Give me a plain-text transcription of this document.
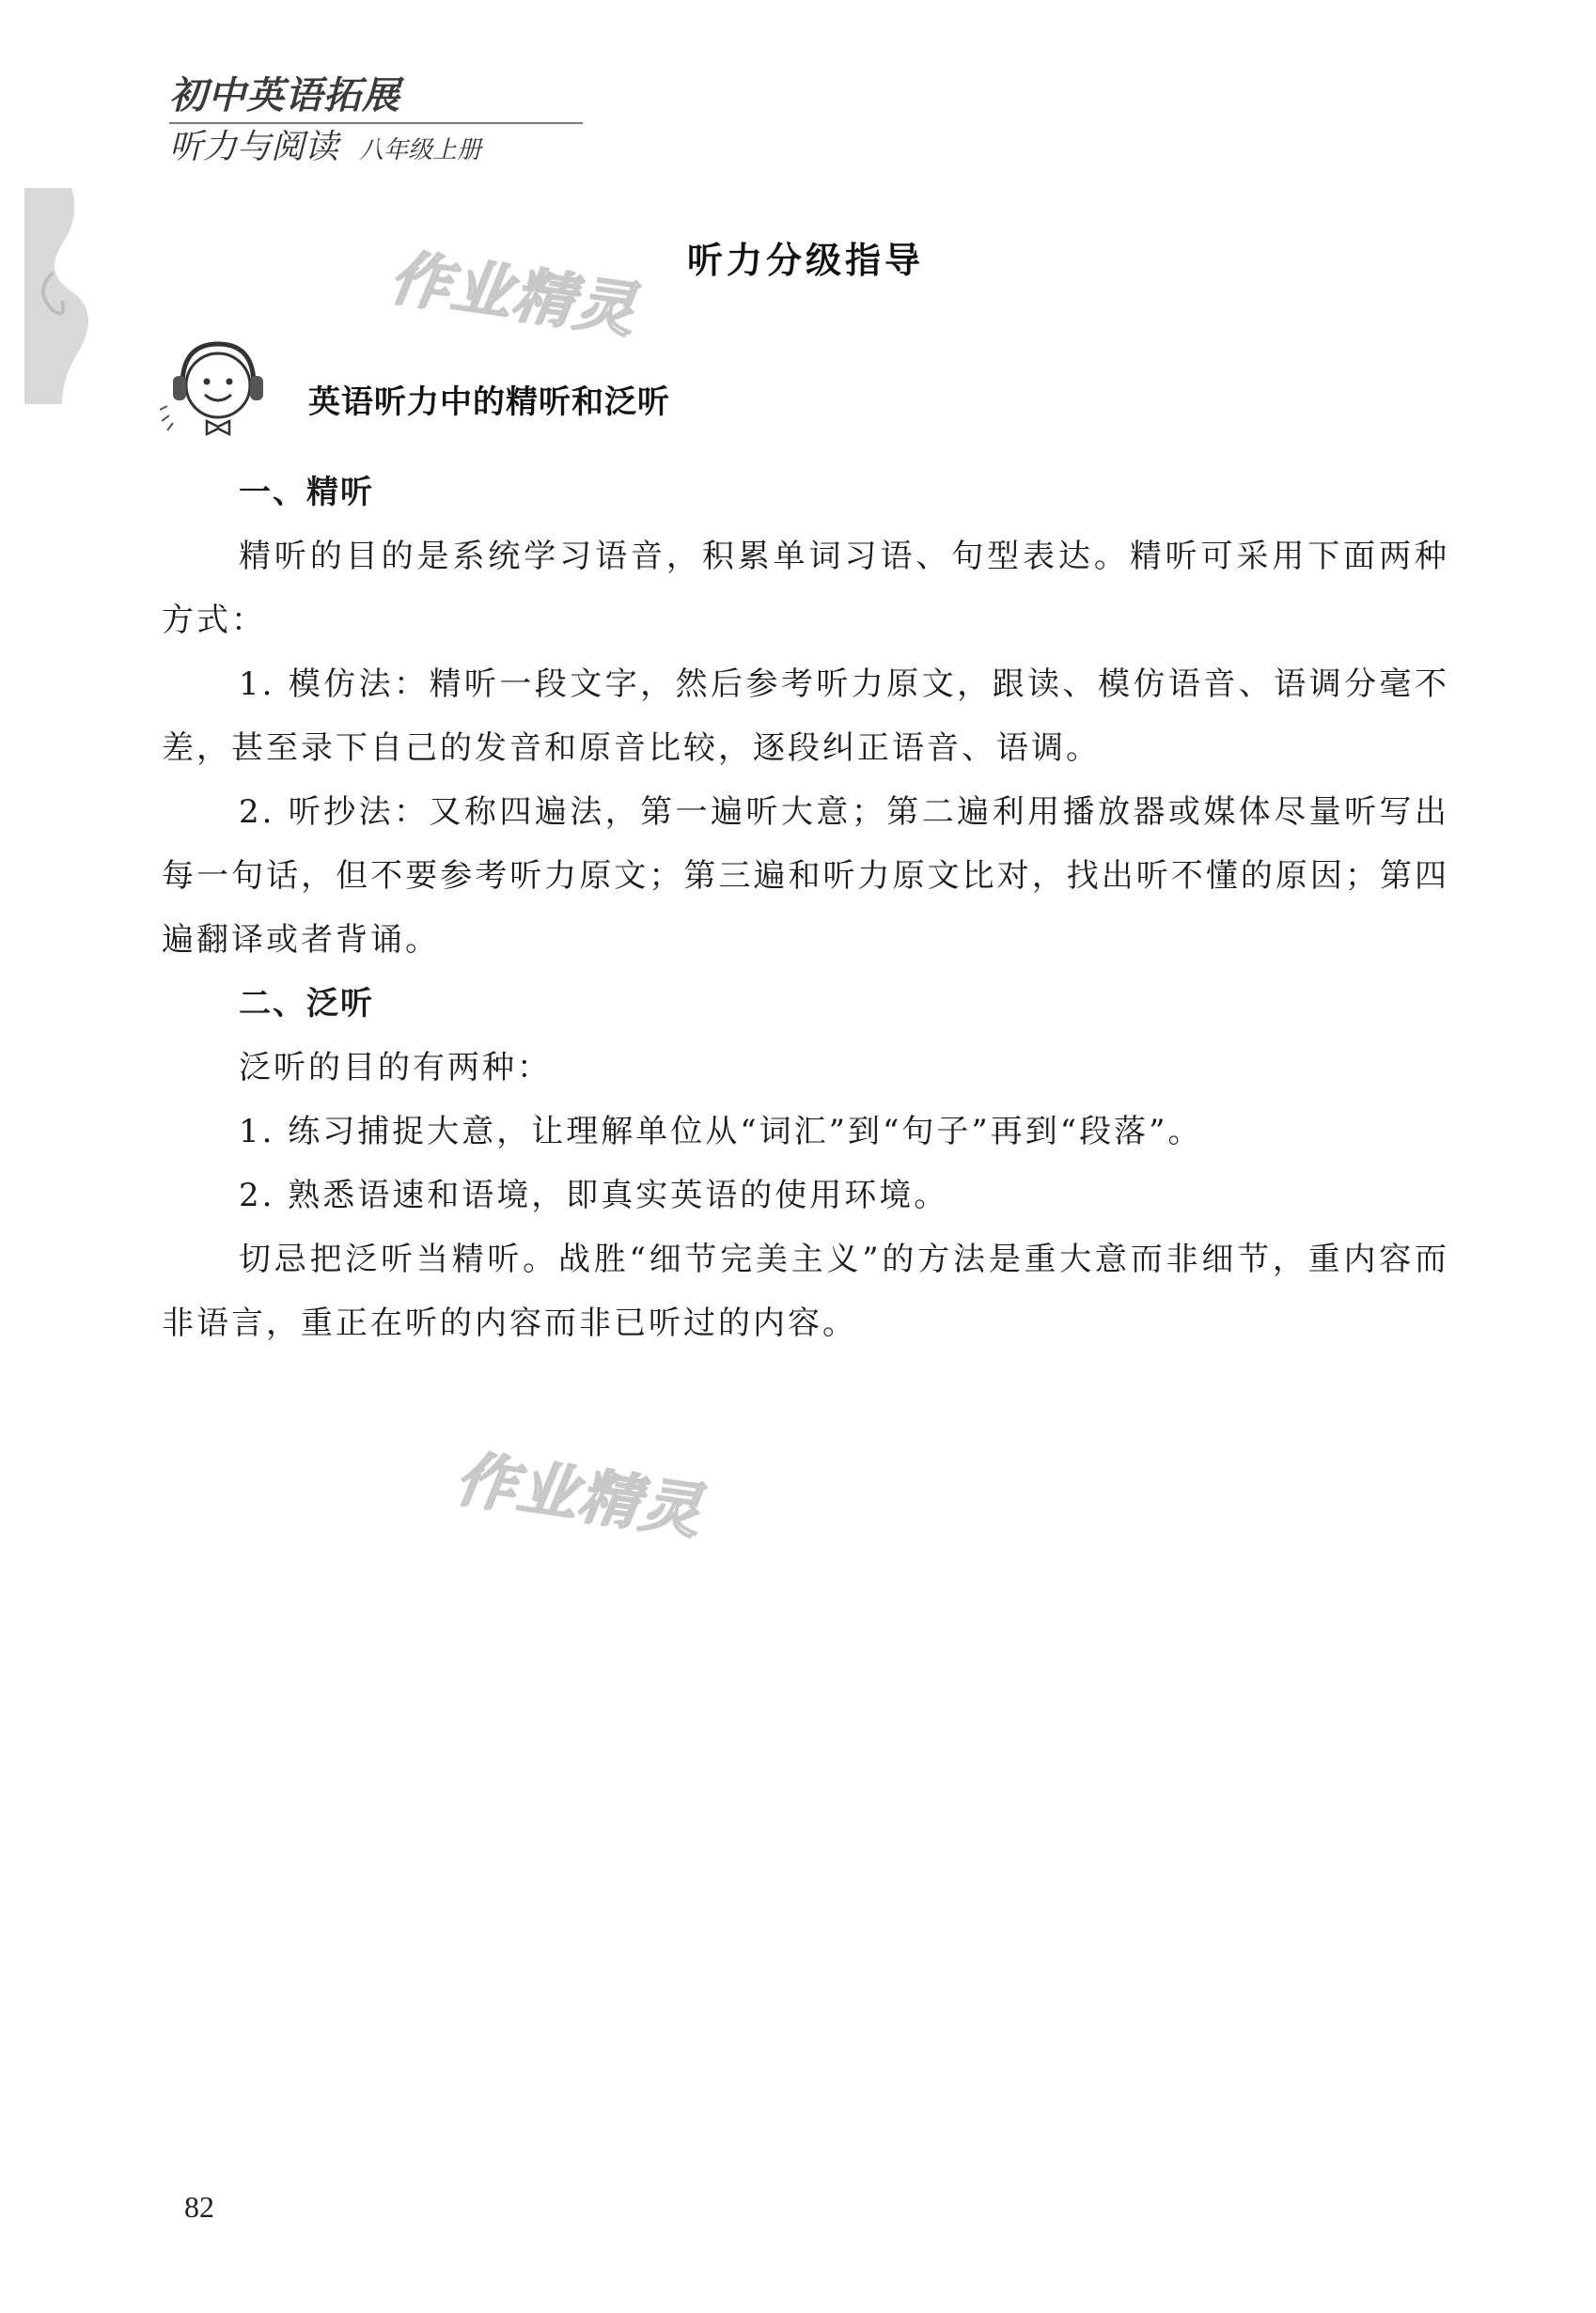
初中英语拓展
听力与阅读 八年级上册
作业精灵
作业精灵
听力分级指导
英语听力中的精听和泛听

一、精听

精听的目的是系统学习语音，积累单词习语、句型表达。精听可采用下面两种方式：

1. 模仿法：精听一段文字，然后参考听力原文，跟读、模仿语音、语调分毫不差，甚至录下自己的发音和原音比较，逐段纠正语音、语调。

2. 听抄法：又称四遍法，第一遍听大意；第二遍利用播放器或媒体尽量听写出每一句话，但不要参考听力原文；第三遍和听力原文比对，找出听不懂的原因；第四遍翻译或者背诵。

二、泛听

泛听的目的有两种：

1. 练习捕捉大意，让理解单位从“词汇”到“句子”再到“段落”。

2. 熟悉语速和语境，即真实英语的使用环境。

切忌把泛听当精听。战胜“细节完美主义”的方法是重大意而非细节，重内容而非语言，重正在听的内容而非已听过的内容。

82
